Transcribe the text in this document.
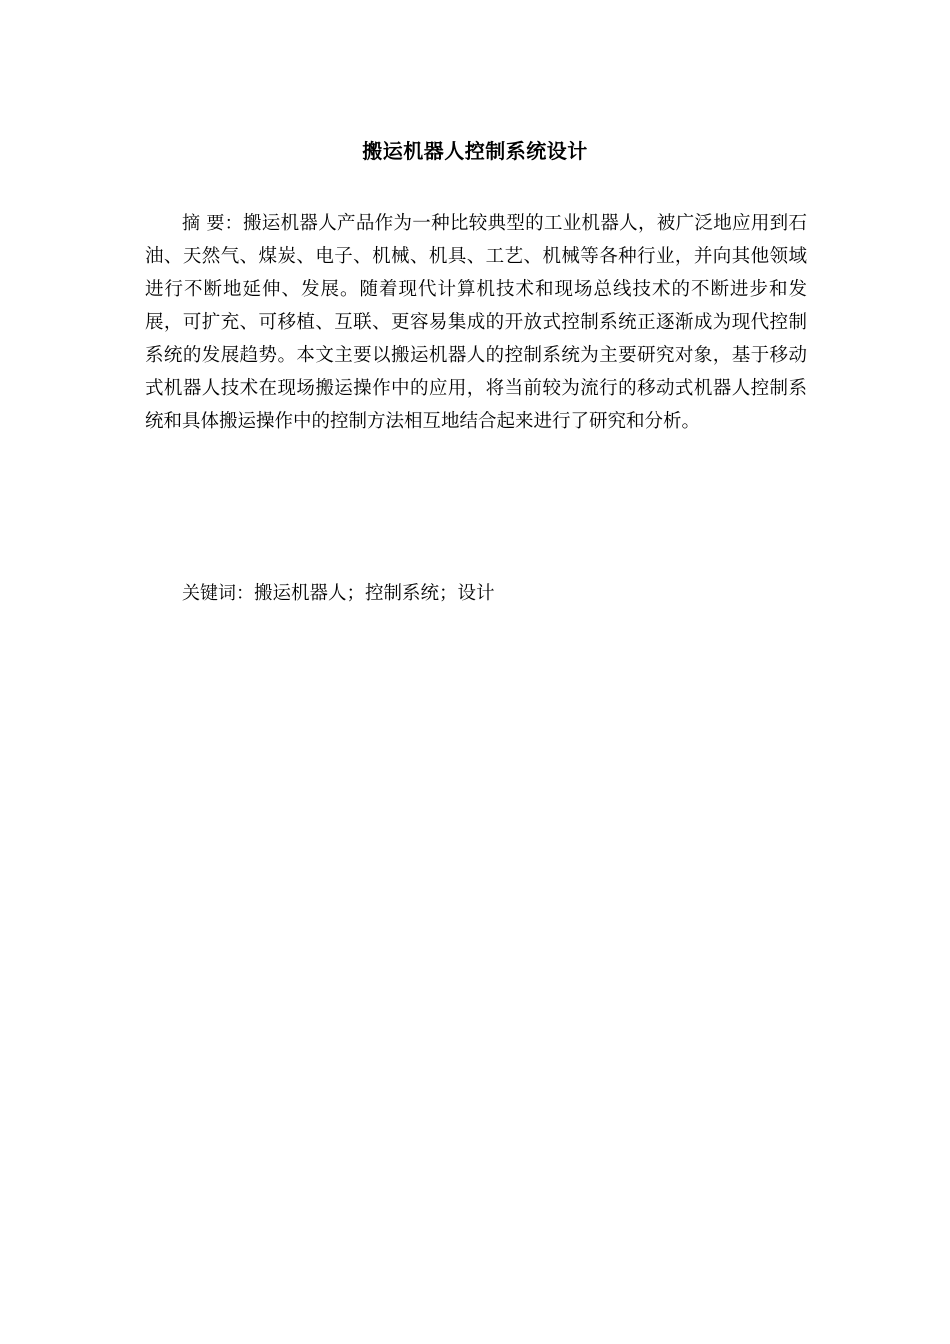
搬运机器人控制系统设计

摘 要：搬运机器人产品作为一种比较典型的工业机器人，被广泛地应用到石油、天然气、煤炭、电子、机械、机具、工艺、机械等各种行业，并向其他领域进行不断地延伸、发展。随着现代计算机技术和现场总线技术的不断进步和发展，可扩充、可移植、互联、更容易集成的开放式控制系统正逐渐成为现代控制系统的发展趋势。本文主要以搬运机器人的控制系统为主要研究对象，基于移动式机器人技术在现场搬运操作中的应用，将当前较为流行的移动式机器人控制系统和具体搬运操作中的控制方法相互地结合起来进行了研究和分析。

关键词：搬运机器人；控制系统；设计
